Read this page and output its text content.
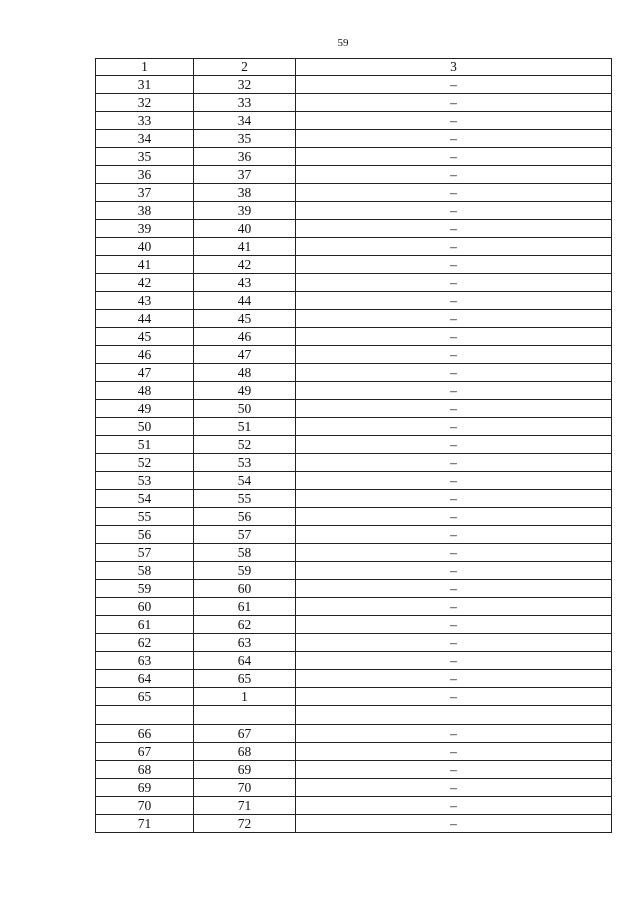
59
1	2	3
31	32	–
32	33	–
33	34	–
34	35	–
35	36	–
36	37	–
37	38	–
38	39	–
39	40	–
40	41	–
41	42	–
42	43	–
43	44	–
44	45	–
45	46	–
46	47	–
47	48	–
48	49	–
49	50	–
50	51	–
51	52	–
52	53	–
53	54	–
54	55	–
55	56	–
56	57	–
57	58	–
58	59	–
59	60	–
60	61	–
61	62	–
62	63	–
63	64	–
64	65	–
65	1	–

66	67	–
67	68	–
68	69	–
69	70	–
70	71	–
71	72	–
